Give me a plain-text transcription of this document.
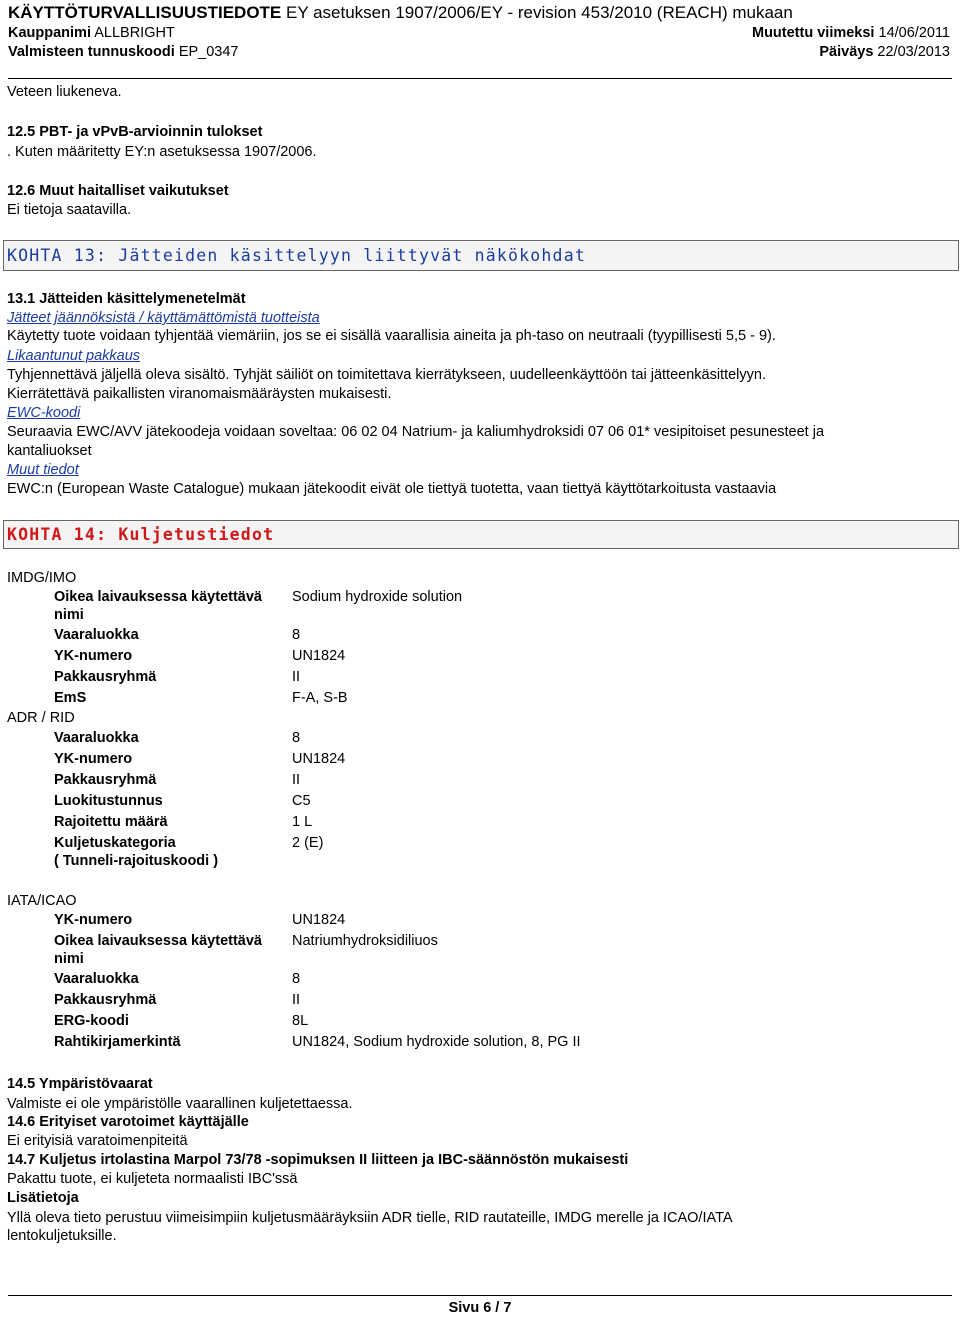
KÄYTTÖTURVALLISUUSTIEDOTE EY asetuksen 1907/2006/EY - revision 453/2010 (REACH) mukaan
Kauppanimi ALLBRIGHT	Muutettu viimeksi 14/06/2011
Valmisteen tunnuskoodi EP_0347	Päiväys 22/03/2013
Veteen liukeneva.
12.5 PBT- ja vPvB-arvioinnin tulokset
. Kuten määritetty EY:n asetuksessa 1907/2006.
12.6 Muut haitalliset vaikutukset
Ei tietoja saatavilla.
KOHTA 13: Jätteiden käsittelyyn liittyvät näkökohdat
13.1 Jätteiden käsittelymenetelmät
Jätteet jäännöksistä / käyttämättömistä tuotteista
Käytetty tuote voidaan tyhjentää viemäriin, jos se ei sisällä vaarallisia aineita ja ph-taso on neutraali (tyypillisesti 5,5 - 9).
Likaantunut pakkaus
Tyhjennettävä jäljellä oleva sisältö. Tyhjät säiliöt on toimitettava kierrätykseen, uudelleenkäyttöön tai jätteenkäsittelyyn.
Kierrätettävä paikallisten viranomaismääräysten mukaisesti.
EWC-koodi
Seuraavia EWC/AVV jätekoodeja voidaan soveltaa: 06 02 04 Natrium- ja kaliumhydroksidi 07 06 01* vesipitoiset pesunesteet ja
kantaliuokset
Muut tiedot
EWC:n (European Waste Catalogue) mukaan jätekoodit eivät ole tiettyä tuotetta, vaan tiettyä käyttötarkoitusta vastaavia
KOHTA 14: Kuljetustiedot
IMDG/IMO
Oikea laivauksessa käytettävä
nimi
Sodium hydroxide solution
Vaaraluokka	8
YK-numero	UN1824
Pakkausryhmä	II
EmS	F-A, S-B
ADR / RID
Vaaraluokka	8
YK-numero	UN1824
Pakkausryhmä	II
Luokitustunnus	C5
Rajoitettu määrä	1 L
Kuljetuskategoria	2 (E)
( Tunneli-rajoituskoodi )
IATA/ICAO
YK-numero	UN1824
Oikea laivauksessa käytettävä
nimi
Natriumhydroksidiliuos
Vaaraluokka	8
Pakkausryhmä	II
ERG-koodi	8L
Rahtikirjamerkintä	UN1824, Sodium hydroxide solution, 8, PG II
14.5 Ympäristövaarat
Valmiste ei ole ympäristölle vaarallinen kuljetettaessa.
14.6 Erityiset varotoimet käyttäjälle
Ei erityisiä varatoimenpiteitä
14.7 Kuljetus irtolastina Marpol 73/78 -sopimuksen II liitteen ja IBC-säännöstön mukaisesti
Pakattu tuote, ei kuljeteta normaalisti IBC'ssä
Lisätietoja
Yllä oleva tieto perustuu viimeisimpiin kuljetusmääräyksiin ADR tielle, RID rautateille, IMDG merelle ja ICAO/IATA
lentokuljetuksille.
Sivu 6 / 7
